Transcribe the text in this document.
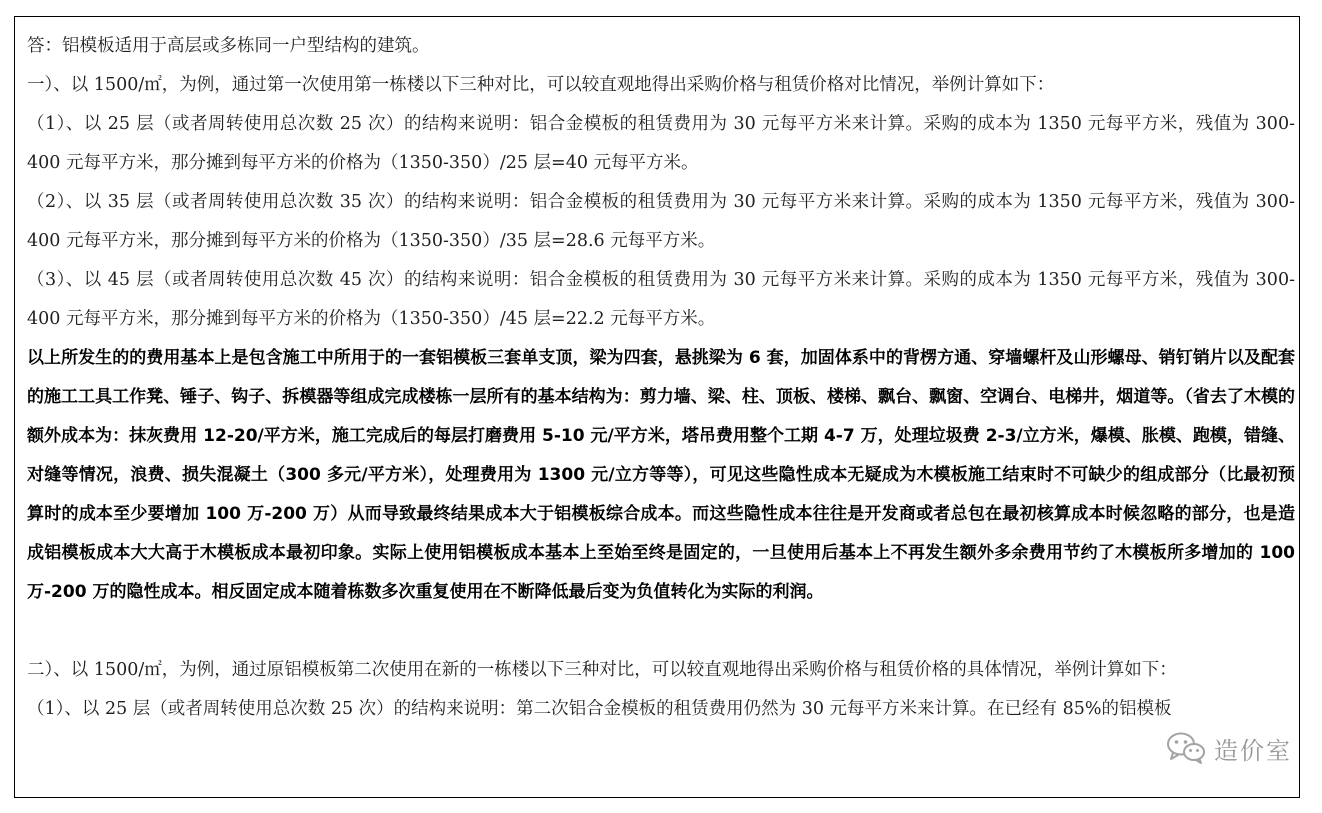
答：铝模板适用于高层或多栋同一户型结构的建筑。

一）、以 1500/㎡，为例，通过第一次使用第一栋楼以下三种对比，可以较直观地得出采购价格与租赁价格对比情况，举例计算如下：

（1）、以 25 层（或者周转使用总次数 25 次）的结构来说明：铝合金模板的租赁费用为 30 元每平方米来计算。采购的成本为 1350 元每平方米，残值为 300-400 元每平方米，那分摊到每平方米的价格为（1350-350）/25 层=40 元每平方米。

（2）、以 35 层（或者周转使用总次数 35 次）的结构来说明：铝合金模板的租赁费用为 30 元每平方米来计算。采购的成本为 1350 元每平方米，残值为 300-400 元每平方米，那分摊到每平方米的价格为（1350-350）/35 层=28.6 元每平方米。

（3）、以 45 层（或者周转使用总次数 45 次）的结构来说明：铝合金模板的租赁费用为 30 元每平方米来计算。采购的成本为 1350 元每平方米，残值为 300-400 元每平方米，那分摊到每平方米的价格为（1350-350）/45 层=22.2 元每平方米。

以上所发生的的费用基本上是包含施工中所用于的一套铝模板三套单支顶，梁为四套，悬挑梁为 6 套，加固体系中的背楞方通、穿墙螺杆及山形螺母、销钉销片以及配套的施工工具工作凳、锤子、钩子、拆模器等组成完成楼栋一层所有的基本结构为：剪力墙、梁、柱、顶板、楼梯、飘台、飘窗、空调台、电梯井，烟道等。（省去了木模的额外成本为：抹灰费用 12-20/平方米，施工完成后的每层打磨费用 5-10 元/平方米，塔吊费用整个工期 4-7 万，处理垃圾费 2-3/立方米，爆模、胀模、跑模，错缝、对缝等情况，浪费、损失混凝土（300 多元/平方米），处理费用为 1300 元/立方等等），可见这些隐性成本无疑成为木模板施工结束时不可缺少的组成部分（比最初预算时的成本至少要增加 100 万-200 万）从而导致最终结果成本大于铝模板综合成本。而这些隐性成本往往是开发商或者总包在最初核算成本时候忽略的部分，也是造成铝模板成本大大高于木模板成本最初印象。实际上使用铝模板成本基本上至始至终是固定的，一旦使用后基本上不再发生额外多余费用节约了木模板所多增加的 100 万-200 万的隐性成本。相反固定成本随着栋数多次重复使用在不断降低最后变为负值转化为实际的利润。

二）、以 1500/㎡，为例，通过原铝模板第二次使用在新的一栋楼以下三种对比，可以较直观地得出采购价格与租赁价格的具体情况，举例计算如下：

（1）、以 25 层（或者周转使用总次数 25 次）的结构来说明：第二次铝合金模板的租赁费用仍然为 30 元每平方米来计算。在已经有 85%的铝模板

造价室
